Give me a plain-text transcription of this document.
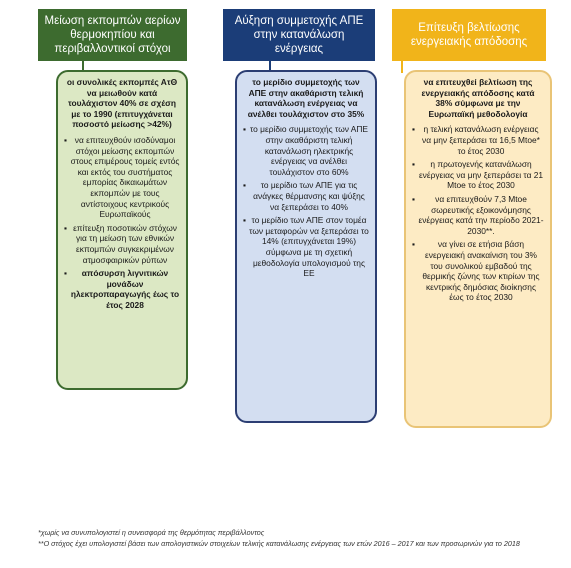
Μείωση εκπομπών αερίων θερμοκηπίου και περιβαλλοντικοί στόχοι
οι συνολικές εκπομπές ΑτΘ να μειωθούν κατά τουλάχιστον 40% σε σχέση με το 1990 (επιτυγχάνεται ποσοστό μείωσης >42%)
▪ να επιτευχθούν ισοδύναμοι στόχοι μείωσης εκπομπών στους επιμέρους τομείς εντός και εκτός του συστήματος εμπορίας δικαιωμάτων εκπομπών με τους αντίστοιχους κεντρικούς Ευρωπαϊκούς
▪ επίτευξη ποσοτικών στόχων για τη μείωση των εθνικών εκπομπών συγκεκριμένων ατμοσφαιρικών ρύπων
▪	απόσυρση λιγνιτικών μονάδων ηλεκτροπαραγωγής έως το έτος 2028
Αύξηση συμμετοχής ΑΠΕ στην κατανάλωση ενέργειας
το μερίδιο συμμετοχής των ΑΠΕ στην ακαθάριστη τελική κατανάλωση ενέργειας να ανέλθει τουλάχιστον στο 35%
▪ το μερίδιο συμμετοχής των ΑΠΕ στην ακαθάριστη τελική κατανάλωση ηλεκτρικής ενέργειας να ανέλθει τουλάχιστον στο 60%
▪	το μερίδιο των ΑΠΕ για τις ανάγκες θέρμανσης και ψύξης να ξεπεράσει το 40%
▪ το μερίδιο των ΑΠΕ στον τομέα των μεταφορών να ξεπεράσει το 14% (επιτυγχάνεται 19%) σύμφωνα με τη σχετική μεθοδολογία υπολογισμού της ΕΕ
Επίτευξη βελτίωσης ενεργειακής απόδοσης
να επιτευχθεί βελτίωση της ενεργειακής απόδοσης κατά 38% σύμφωνα με την Ευρωπαϊκή μεθοδολογία
▪	η τελική κατανάλωση ενέργειας να μην ξεπεράσει τα 16,5 Mtoe* το έτος 2030
▪	η πρωτογενής κατανάλωση ενέργειας να μην ξεπεράσει τα 21 Mtoe το έτος 2030
▪	να επιτευχθούν 7,3 Mtoe σωρευτικής εξοικονόμησης ενέργειας κατά την περίοδο 2021-2030**.
▪	να γίνει σε ετήσια βάση ενεργειακή ανακαίνιση του 3% του συνολικού εμβαδού της θερμικής ζώνης των κτιρίων της κεντρικής δημόσιας διοίκησης έως το έτος 2030
*χωρίς να συνυπολογιστεί η συνεισφορά της θερμότητας περιβάλλοντος
**Ο στόχος έχει υπολογιστεί βάσει των απολογιστικών στοιχείων τελικής κατανάλωσης ενέργειας των ετών 2016 – 2017 και των προσωρινών για το 2018
